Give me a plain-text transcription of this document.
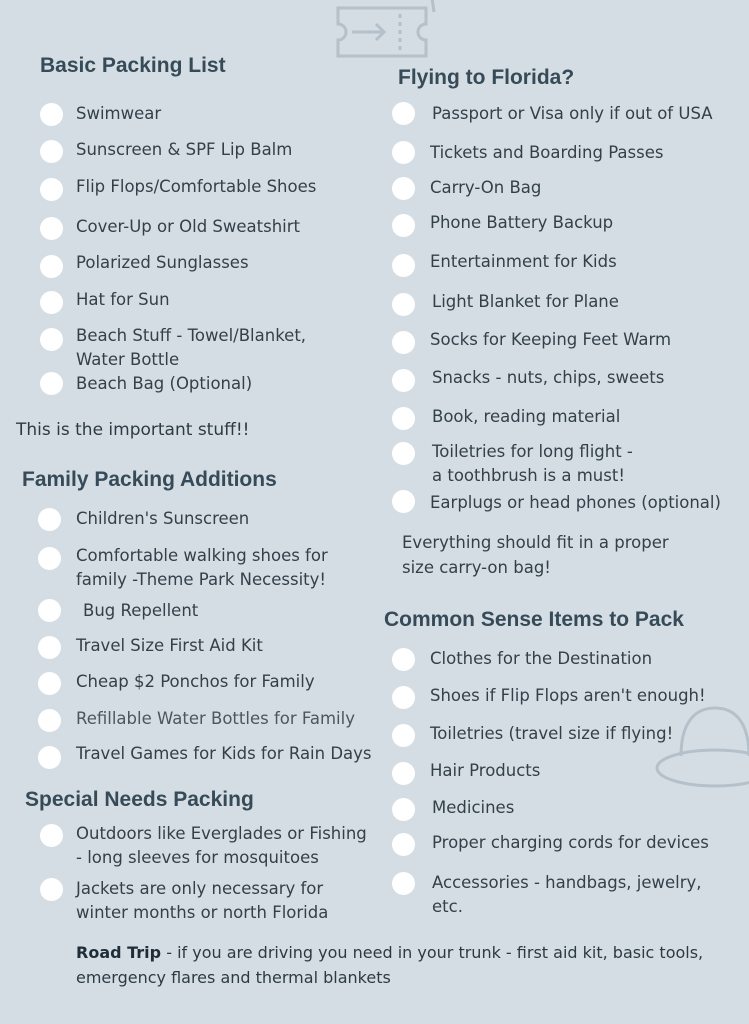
Basic Packing List
Flying to Florida?
This is the important stuff!!
Family Packing Additions
Special Needs Packing
Common Sense Items to Pack
Swimwear
Sunscreen & SPF Lip Balm
Flip Flops/Comfortable Shoes
Cover-Up or Old Sweatshirt
Polarized Sunglasses
Hat for Sun
Beach Stuff - Towel/Blanket,
Water Bottle
Beach Bag (Optional)
Children's Sunscreen
Comfortable walking shoes for
family -Theme Park Necessity!
Bug Repellent
Travel Size First Aid Kit
Cheap $2 Ponchos for Family
Refillable Water Bottles for Family
Travel Games for Kids for Rain Days
Outdoors like Everglades or Fishing
- long sleeves for mosquitoes
Jackets are only necessary for
winter months or north Florida
Passport or Visa only if out of USA
Tickets and Boarding Passes
Carry-On Bag
Phone Battery Backup
Entertainment for Kids
Light Blanket for Plane
Socks for Keeping Feet Warm
Snacks - nuts, chips, sweets
Book, reading material
Toiletries for long flight -
a toothbrush is a must!
Earplugs or head phones (optional)
Everything should fit in a proper
size carry-on bag!
Clothes for the Destination
Shoes if Flip Flops aren't enough!
Toiletries (travel size if flying!
Hair Products
Medicines
Proper charging cords for devices
Accessories - handbags, jewelry,
etc.
Road Trip - if you are driving you need in your trunk - first aid kit, basic tools, emergency flares and thermal blankets
